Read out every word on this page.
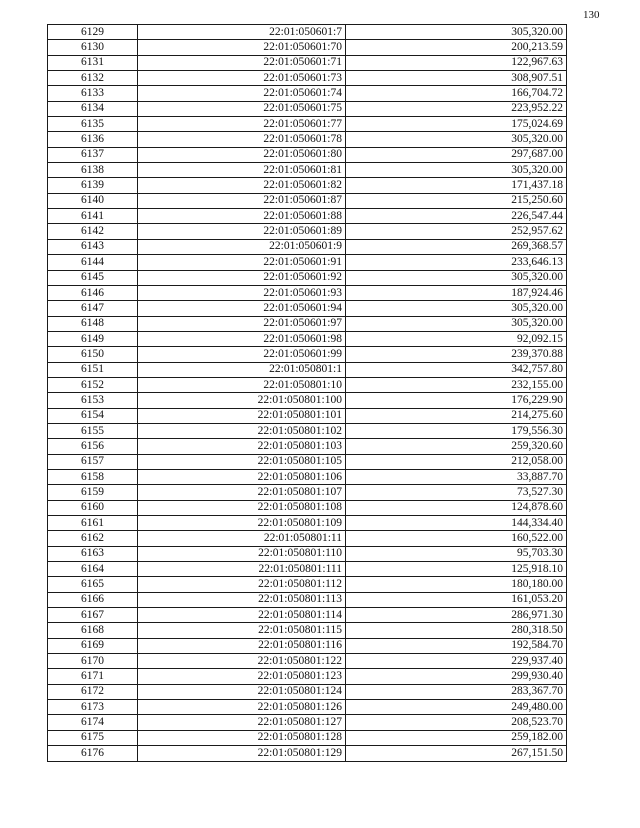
130
6129	22:01:050601:7	305,320.00
6130	22:01:050601:70	200,213.59
6131	22:01:050601:71	122,967.63
6132	22:01:050601:73	308,907.51
6133	22:01:050601:74	166,704.72
6134	22:01:050601:75	223,952.22
6135	22:01:050601:77	175,024.69
6136	22:01:050601:78	305,320.00
6137	22:01:050601:80	297,687.00
6138	22:01:050601:81	305,320.00
6139	22:01:050601:82	171,437.18
6140	22:01:050601:87	215,250.60
6141	22:01:050601:88	226,547.44
6142	22:01:050601:89	252,957.62
6143	22:01:050601:9	269,368.57
6144	22:01:050601:91	233,646.13
6145	22:01:050601:92	305,320.00
6146	22:01:050601:93	187,924.46
6147	22:01:050601:94	305,320.00
6148	22:01:050601:97	305,320.00
6149	22:01:050601:98	92,092.15
6150	22:01:050601:99	239,370.88
6151	22:01:050801:1	342,757.80
6152	22:01:050801:10	232,155.00
6153	22:01:050801:100	176,229.90
6154	22:01:050801:101	214,275.60
6155	22:01:050801:102	179,556.30
6156	22:01:050801:103	259,320.60
6157	22:01:050801:105	212,058.00
6158	22:01:050801:106	33,887.70
6159	22:01:050801:107	73,527.30
6160	22:01:050801:108	124,878.60
6161	22:01:050801:109	144,334.40
6162	22:01:050801:11	160,522.00
6163	22:01:050801:110	95,703.30
6164	22:01:050801:111	125,918.10
6165	22:01:050801:112	180,180.00
6166	22:01:050801:113	161,053.20
6167	22:01:050801:114	286,971.30
6168	22:01:050801:115	280,318.50
6169	22:01:050801:116	192,584.70
6170	22:01:050801:122	229,937.40
6171	22:01:050801:123	299,930.40
6172	22:01:050801:124	283,367.70
6173	22:01:050801:126	249,480.00
6174	22:01:050801:127	208,523.70
6175	22:01:050801:128	259,182.00
6176	22:01:050801:129	267,151.50
